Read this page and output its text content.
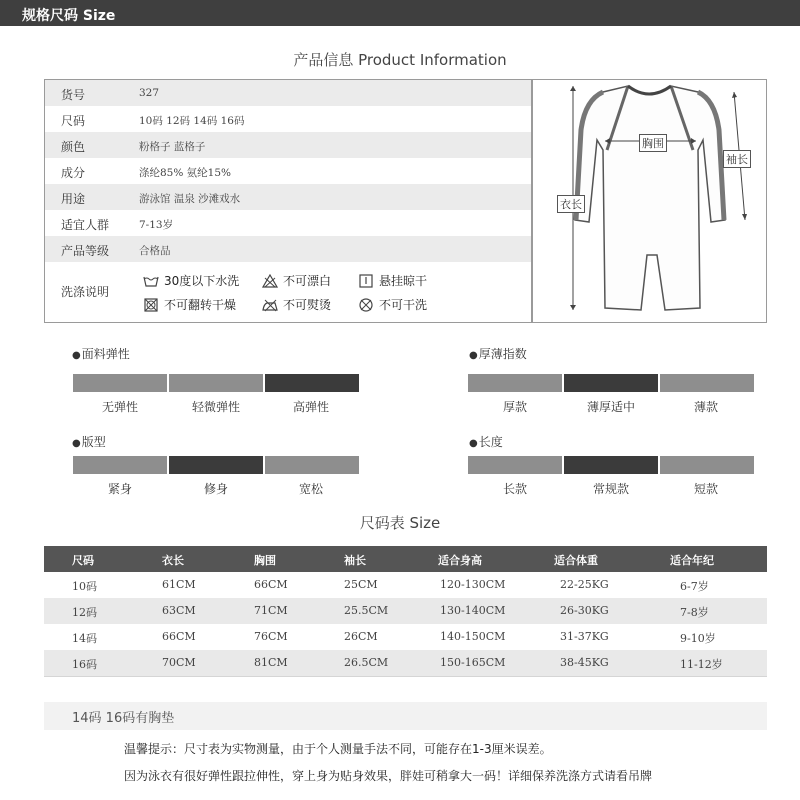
规格尺码 Size
产品信息 Product Information
货号	327
尺码	10码 12码 14码 16码
颜色	粉格子 蓝格子
成分	涤纶85% 氨纶15%
用途	游泳馆 温泉 沙滩戏水
适宜人群	7-13岁
产品等级	合格品
洗涤说明
30度以下水洗	不可漂白	悬挂晾干
不可翻转干燥	不可熨烫	不可干洗
胸围
袖长
衣长
● 面料弹性
无弹性	轻微弹性	高弹性
● 厚薄指数
厚款	薄厚适中	薄款
● 版型
紧身	修身	宽松
● 长度
长款	常规款	短款
尺码表 Size
尺码	衣长	胸围	袖长	适合身高	适合体重	适合年纪
10码	61CM	66CM	25CM	120-130CM	22-25KG	6-7岁
12码	63CM	71CM	25.5CM	130-140CM	26-30KG	7-8岁
14码	66CM	76CM	26CM	140-150CM	31-37KG	9-10岁
16码	70CM	81CM	26.5CM	150-165CM	38-45KG	11-12岁
14码 16码有胸垫
温馨提示：尺寸表为实物测量，由于个人测量手法不同，可能存在1-3厘米误差。
因为泳衣有很好弹性跟拉伸性，穿上身为贴身效果，胖娃可稍拿大一码！详细保养洗涤方式请看吊牌
